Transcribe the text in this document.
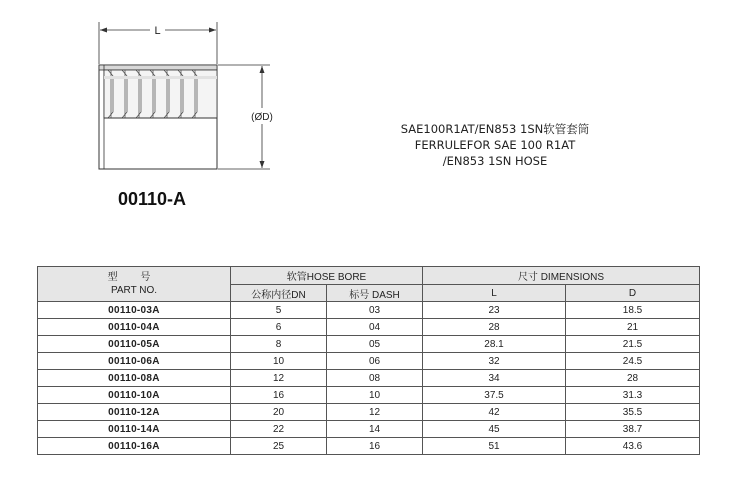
L
(ØD)
00110-A
SAE100R1AT/EN853 1SN软管套筒
FERRULEFOR SAE 100 R1AT
/EN853 1SN HOSE
型 号
PART NO.	软管HOSE BORE		尺寸 DIMENSIONS	
	公称内径DN	标号 DASH	L	D
00110-03A	5	03	23	18.5
00110-04A	6	04	28	21
00110-05A	8	05	28.1	21.5
00110-06A	10	06	32	24.5
00110-08A	12	08	34	28
00110-10A	16	10	37.5	31.3
00110-12A	20	12	42	35.5
00110-14A	22	14	45	38.7
00110-16A	25	16	51	43.6
